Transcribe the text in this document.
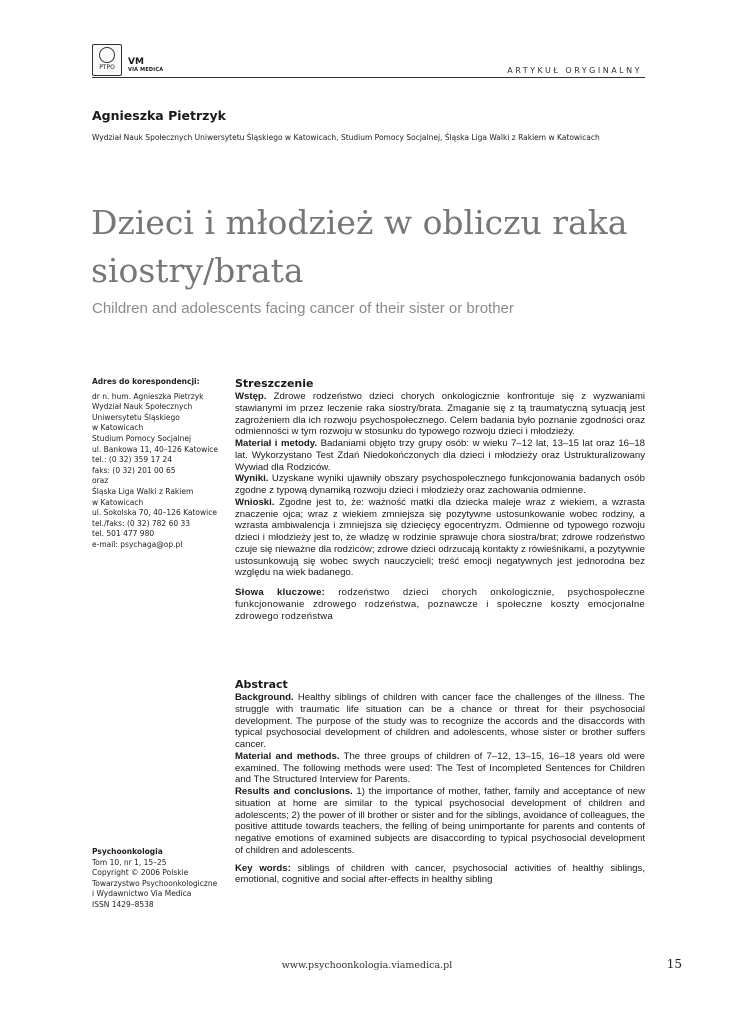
PTPO
VM
VIA MEDICA	ARTYKUŁ ORYGINALNY
Agnieszka Pietrzyk
Wydział Nauk Społecznych Uniwersytetu Śląskiego w Katowicach, Studium Pomocy Socjalnej, Śląska Liga Walki z Rakiem w Katowicach
Dzieci i młodzież w obliczu raka siostry/brata
Children and adolescents facing cancer of their sister or brother
Adres do korespondencji:
dr n. hum. Agnieszka Pietrzyk
Wydział Nauk Społecznych
Uniwersytetu Śląskiego
w Katowicach
Studium Pomocy Socjalnej
ul. Bankowa 11, 40–126 Katowice
tel.: (0 32) 359 17 24
faks: (0 32) 201 00 65
oraz
Śląska Liga Walki z Rakiem
w Katowicach
ul. Sokolska 70, 40–126 Katowice
tel./faks: (0 32) 782 60 33
tel. 501 477 980
e-mail: psychaga@op.pl
Psychoonkologia
Tom 10, nr 1, 15–25
Copyright © 2006 Polskie
Towarzystwo Psychoonkologiczne
i Wydawnictwo Via Medica
ISSN 1429–8538
Streszczenie
Wstęp. Zdrowe rodzeństwo dzieci chorych onkologicznie konfrontuje się z wyzwaniami stawianymi im przez leczenie raka siostry/brata. Zmaganie się z tą traumatyczną sytuacją jest zagrożeniem dla ich rozwoju psychospołecznego. Celem badania było poznanie zgodności oraz odmienności w tym rozwoju w stosunku do typowego rozwoju dzieci i młodzieży.
Materiał i metody. Badaniami objęto trzy grupy osób: w wieku 7–12 lat, 13–15 lat oraz 16–18 lat. Wykorzystano Test Zdań Niedokończonych dla dzieci i młodzieży oraz Ustrukturalizowany Wywiad dla Rodziców.
Wyniki. Uzyskane wyniki ujawniły obszary psychospołecznego funkcjonowania badanych osób zgodne z typową dynamiką rozwoju dzieci i młodzieży oraz zachowania odmienne.
Wnioski. Zgodne jest to, że: ważność matki dla dziecka maleje wraz z wiekiem, a wzrasta znaczenie ojca; wraz z wiekiem zmniejsza się pozytywne ustosunkowanie wobec rodziny, a wzrasta ambiwalencja i zmniejsza się dziecięcy egocentryzm. Odmienne od typowego rozwoju dzieci i młodzieży jest to, że władzę w rodzinie sprawuje chora siostra/brat; zdrowe rodzeństwo czuje się nieważne dla rodziców; zdrowe dzieci odrzucają kontakty z rówieśnikami, a pozytywnie ustosunkowują się wobec swych nauczycieli; treść emocji negatywnych jest jednorodna bez względu na wiek badanego.
Słowa kluczowe: rodzeństwo dzieci chorych onkologicznie, psychospołeczne funkcjonowanie zdrowego rodzeństwa, poznawcze i społeczne koszty emocjonalne zdrowego rodzeństwa
Abstract
Background. Healthy siblings of children with cancer face the challenges of the illness. The struggle with traumatic life situation can be a chance or threat for their psychosocial development. The purpose of the study was to recognize the accords and the disaccords with typical psychosocial development of children and adolescents, whose sister or brother suffers cancer.
Material and methods. The three groups of children of 7–12, 13–15, 16–18 years old were examined. The following methods were used: The Test of Incompleted Sentences for Children and The Structured Interview for Parents.
Results and conclusions. 1) the importance of mother, father, family and acceptance of new situation at home are similar to the typical psychosocial development of children and adolescents; 2) the power of ill brother or sister and for the siblings, avoidance of colleagues, the positive attitude towards teachers, the felling of being unimportante for parents and contents of negative emotions of examined subjects are disaccording to typical psychosocial development of children and adolescents.
Key words: siblings of children with cancer, psychosocial activities of healthy siblings, emotional, cognitive and social after-effects in healthy sibling
www.psychoonkologia.viamedica.pl	15
